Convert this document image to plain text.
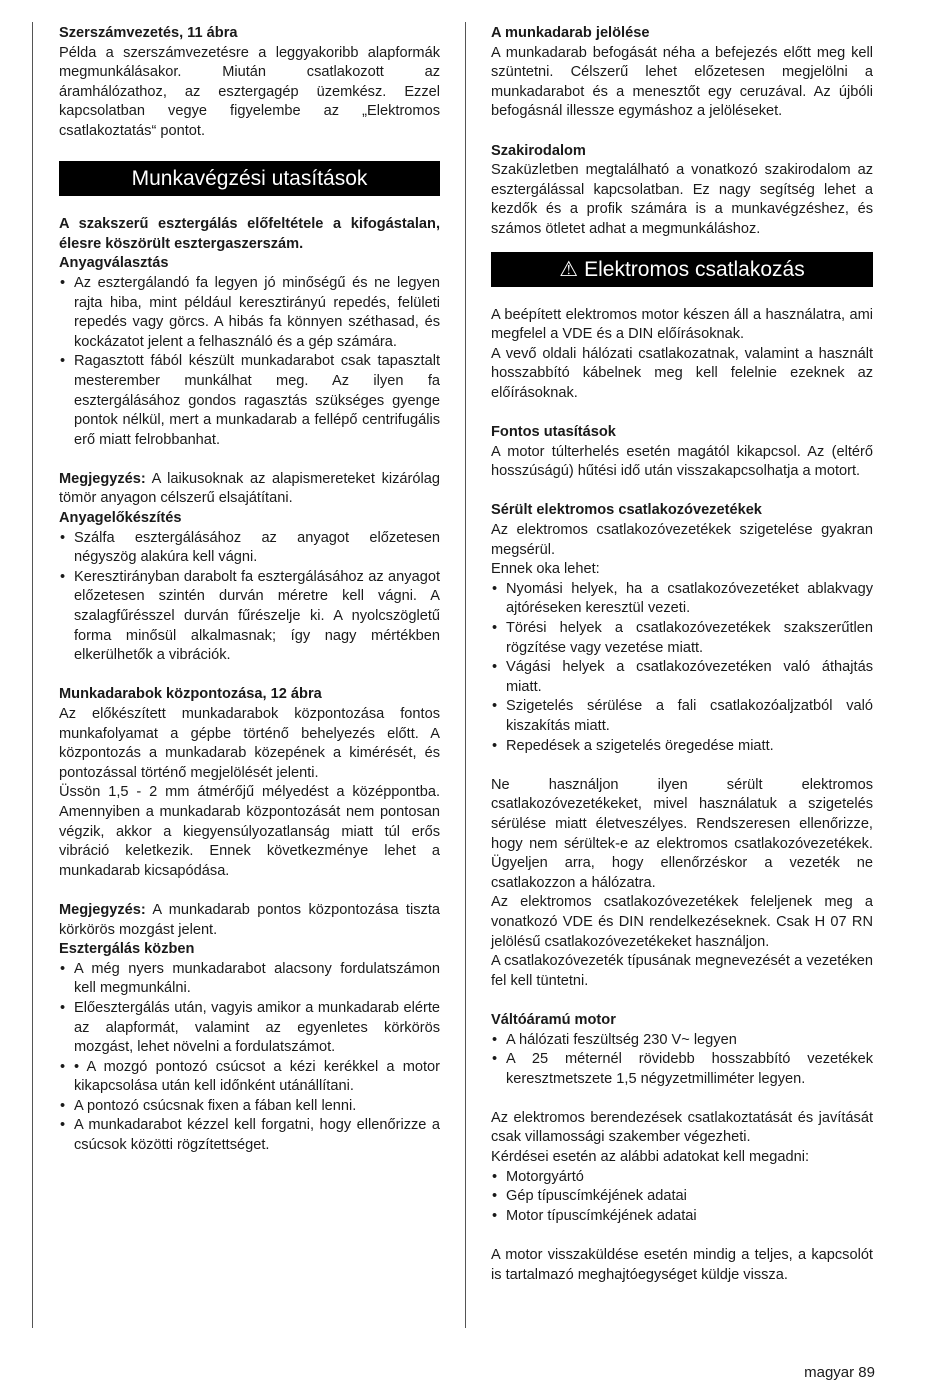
Szerszámvezetés, 11 ábra

Példa a szerszámvezetésre a leggyakoribb alapformák megmunkálásakor. Miután csatlakozott az áramhálózathoz, az esztergagép üzemkész. Ezzel kapcsolatban vegye figyelembe az „Elektromos csatlakoztatás“ pontot.

Munkavégzési utasítások

A szakszerű esztergálás előfeltétele a kifogástalan, élesre köszörült esztergaszerszám.

Anyagválasztás
• Az esztergálandó fa legyen jó minőségű és ne legyen rajta hiba, mint például keresztirányú repedés, felületi repedés vagy görcs. A hibás fa könnyen széthasad, és kockázatot jelent a felhasználó és a gép számára.
• Ragasztott fából készült munkadarabot csak tapasztalt mesterember munkálhat meg. Az ilyen fa esztergálásához gondos ragasztás szükséges gyenge pontok nélkül, mert a munkadarab a fellépő centrifugális erő miatt felrobbanhat.

Megjegyzés: A laikusoknak az alapismereteket kizárólag tömör anyagon célszerű elsajátítani.

Anyagelőkészítés
• Szálfa esztergálásához az anyagot előzetesen négyszög alakúra kell vágni.
• Keresztirányban darabolt fa esztergálásához az anyagot előzetesen szintén durván méretre kell vágni. A szalagfűrésszel durván fűrészelje ki. A nyolcszögletű forma minősül alkalmasnak; így nagy mértékben elkerülhetők a vibrációk.
Munkadarabok központozása, 12 ábra

Az előkészített munkadarabok központozása fontos munkafolyamat a gépbe történő behelyezés előtt. A központozás a munkadarab közepének a kimérését, és pontozással történő megjelölését jelenti.

Üssön 1,5 - 2 mm átmérőjű mélyedést a középpontba. Amennyiben a munkadarab központozását nem pontosan végzik, akkor a kiegyensúlyozatlanság miatt túl erős vibráció keletkezik. Ennek következménye lehet a munkadarab kicsapódása.

Megjegyzés: A munkadarab pontos központozása tiszta körkörös mozgást jelent.

Esztergálás közben
• A még nyers munkadarabot alacsony fordulatszámon kell megmunkálni.
• Előesztergálás után, vagyis amikor a munkadarab elérte az alapformát, valamint az egyenletes körkörös mozgást, lehet növelni a fordulatszámot.
• • A mozgó pontozó csúcsot a kézi kerékkel a motor kikapcsolása után kell időnként utánállítani.
• A pontozó csúcsnak fixen a fában kell lenni.
• A munkadarabot kézzel kell forgatni, hogy ellenőrizze a csúcsok közötti rögzítettséget.
A munkadarab jelölése

A munkadarab befogását néha a befejezés előtt meg kell szüntetni. Célszerű lehet előzetesen megjelölni a munkadarabot és a menesztőt egy ceruzával. Az újbóli befogásnál illessze egymáshoz a jelöléseket.

Szakirodalom

Szaküzletben megtalálható a vonatkozó szakirodalom az esztergálással kapcsolatban. Ez nagy segítség lehet a kezdők és a profik számára is a munkavégzéshez, és számos ötletet adhat a megmunkáláshoz.

⚠ Elektromos csatlakozás

A beépített elektromos motor készen áll a használatra, ami megfelel a VDE és a DIN előírásoknak.

A vevő oldali hálózati csatlakozatnak, valamint a használt hosszabbító kábelnek meg kell felelnie ezeknek az előírásoknak.

Fontos utasítások

A motor túlterhelés esetén magától kikapcsol. Az (eltérő hosszúságú) hűtési idő után visszakapcsolhatja a motort.

Sérült elektromos csatlakozóvezetékek

Az elektromos csatlakozóvezetékek szigetelése gyakran megsérül.

Ennek oka lehet:

• Nyomási helyek, ha a csatlakozóvezetéket ablakvagy ajtóréseken keresztül vezeti.
• Törési helyek a csatlakozóvezetékek szakszerűtlen rögzítése vagy vezetése miatt.
• Vágási helyek a csatlakozóvezetéken való áthajtás miatt.
• Szigetelés sérülése a fali csatlakozóaljzatból való kiszakítás miatt.
• Repedések a szigetelés öregedése miatt.

Ne használjon ilyen sérült elektromos csatlakozóvezetékeket, mivel használatuk a szigetelés sérülése miatt életveszélyes. Rendszeresen ellenőrizze, hogy nem sérültek-e az elektromos csatlakozóvezetékek. Ügyeljen arra, hogy ellenőrzéskor a vezeték ne csatlakozzon a hálózatra.

Az elektromos csatlakozóvezetékek feleljenek meg a vonatkozó VDE és DIN rendelkezéseknek. Csak H 07 RN jelölésű csatlakozóvezetékeket használjon.

A csatlakozóvezeték típusának megnevezését a vezetéken fel kell tüntetni.

Váltóáramú motor
• A hálózati feszültség 230 V~ legyen
• A 25 méternél rövidebb hosszabbító vezetékek keresztmetszete 1,5 négyzetmilliméter legyen.

Az elektromos berendezések csatlakoztatását és javítását csak villamossági szakember végezheti.

Kérdései esetén az alábbi adatokat kell megadni:

• Motorgyártó
• Gép típuscímkéjének adatai
• Motor típuscímkéjének adatai

A motor visszaküldése esetén mindig a teljes, a kapcsolót is tartalmazó meghajtóegységet küldje vissza.

magyar 89
